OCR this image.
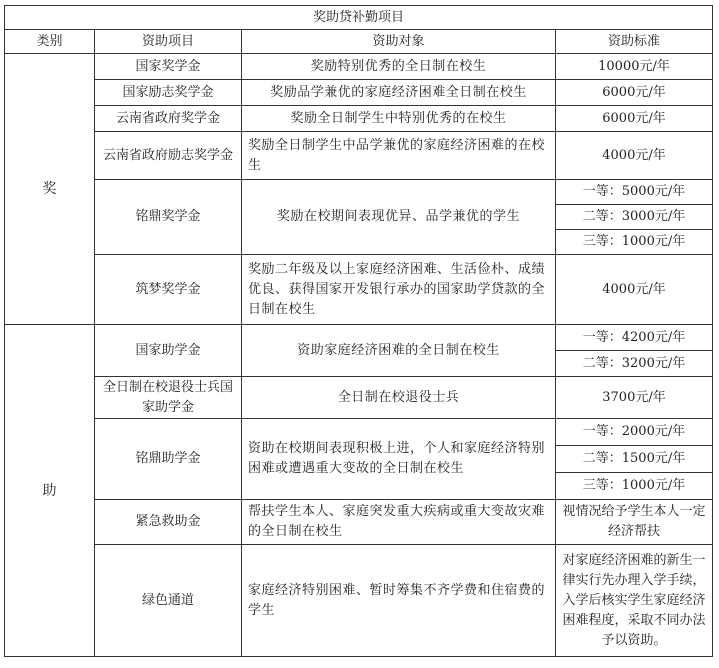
奖助贷补勤项目			
类别	资助项目	资助对象	资助标准
奖	国家奖学金	奖励特别优秀的全日制在校生	10000元/年
	国家励志奖学金	奖励品学兼优的家庭经济困难全日制在校生	6000元/年
	云南省政府奖学金	奖励全日制学生中特别优秀的在校生	6000元/年
	云南省政府励志奖学金	奖励全日制学生中品学兼优的家庭经济困难的在校生	4000元/年
	铭鼎奖学金	奖励在校期间表现优异、品学兼优的学生	一等：5000元/年
			二等：3000元/年
			三等：1000元/年
	筑梦奖学金	奖励二年级及以上家庭经济困难、生活俭朴、成绩优良、获得国家开发银行承办的国家助学贷款的全日制在校生	4000元/年
助	国家助学金	资助家庭经济困难的全日制在校生	一等：4200元/年
			二等：3200元/年
	全日制在校退役士兵国家助学金	全日制在校退役士兵	3700元/年
	铭鼎助学金	资助在校期间表现积极上进，个人和家庭经济特别困难或遭遇重大变故的全日制在校生	一等：2000元/年
			二等：1500元/年
			三等：1000元/年
	紧急救助金	帮扶学生本人、家庭突发重大疾病或重大变故灾难的全日制在校生	视情况给予学生本人一定经济帮扶
	绿色通道	家庭经济特别困难、暂时筹集不齐学费和住宿费的学生	对家庭经济困难的新生一律实行先办理入学手续，入学后核实学生家庭经济困难程度，采取不同办法予以资助。
